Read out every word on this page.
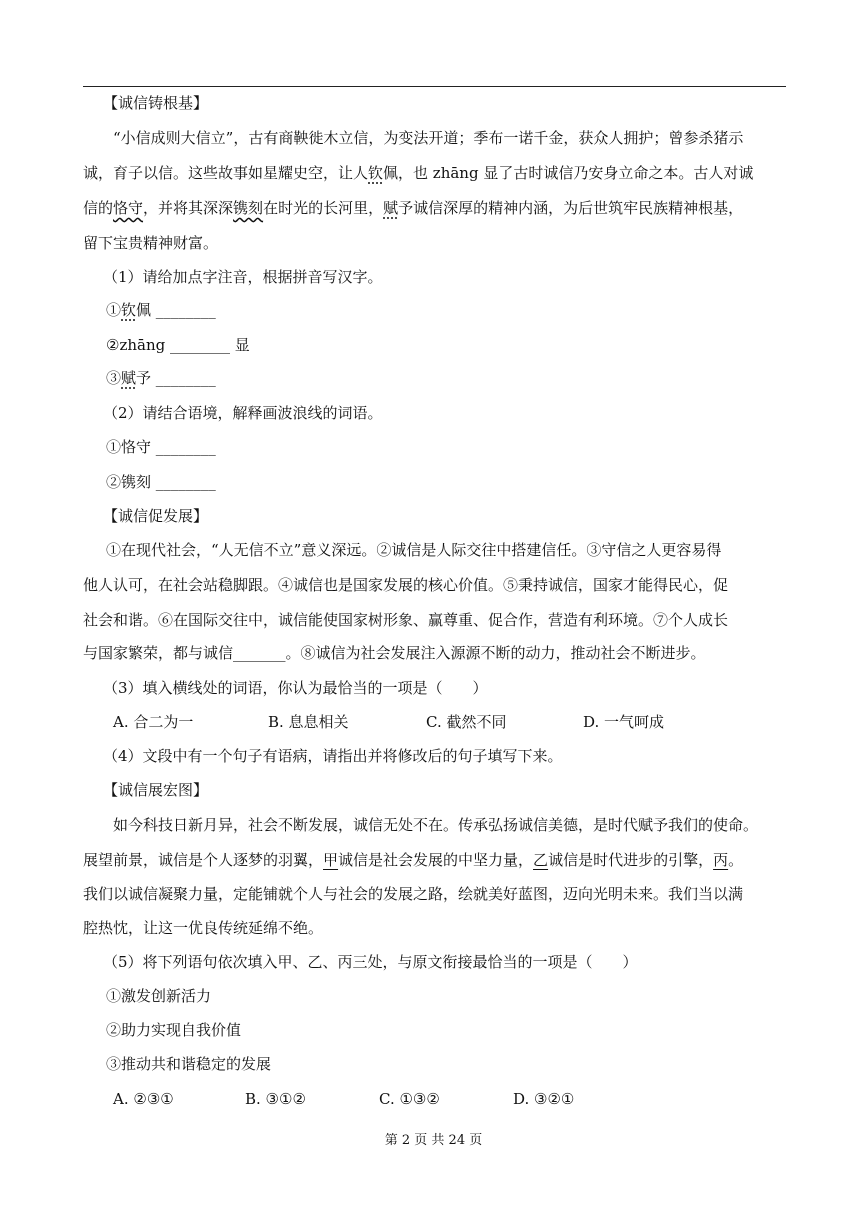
【诚信铸根基】
“小信成则大信立”，古有商鞅徙木立信，为变法开道；季布一诺千金，获众人拥护；曾参杀猪示
诚，育子以信。这些故事如星耀史空，让人钦佩，也 zhāng 显了古时诚信乃安身立命之本。古人对诚
信的恪守，并将其深深镌刻在时光的长河里，赋予诚信深厚的精神内涵，为后世筑牢民族精神根基，
留下宝贵精神财富。
（1）请给加点字注音，根据拼音写汉字。
①钦佩 ________
②zhāng ________ 显
③赋予 ________
（2）请结合语境，解释画波浪线的词语。
①恪守 ________
②镌刻 ________
【诚信促发展】
①在现代社会，“人无信不立”意义深远。②诚信是人际交往中搭建信任。③守信之人更容易得
他人认可，在社会站稳脚跟。④诚信也是国家发展的核心价值。⑤秉持诚信，国家才能得民心，促
社会和谐。⑥在国际交往中，诚信能使国家树形象、赢尊重、促合作，营造有利环境。⑦个人成长
与国家繁荣，都与诚信_______。⑧诚信为社会发展注入源源不断的动力，推动社会不断进步。
（3）填入横线处的词语，你认为最恰当的一项是（　　）
A. 合二为一	B. 息息相关	C. 截然不同	D. 一气呵成
（4）文段中有一个句子有语病，请指出并将修改后的句子填写下来。
【诚信展宏图】
如今科技日新月异，社会不断发展，诚信无处不在。传承弘扬诚信美德，是时代赋予我们的使命。
展望前景，诚信是个人逐梦的羽翼，甲诚信是社会发展的中坚力量，乙诚信是时代进步的引擎，丙。
我们以诚信凝聚力量，定能铺就个人与社会的发展之路，绘就美好蓝图，迈向光明未来。我们当以满
腔热忱，让这一优良传统延绵不绝。
（5）将下列语句依次填入甲、乙、丙三处，与原文衔接最恰当的一项是（　　）
①激发创新活力
②助力实现自我价值
③推动共和谐稳定的发展
A. ②③①	B. ③①②	C. ①③②	D. ③②①
第 2 页 共 24 页
